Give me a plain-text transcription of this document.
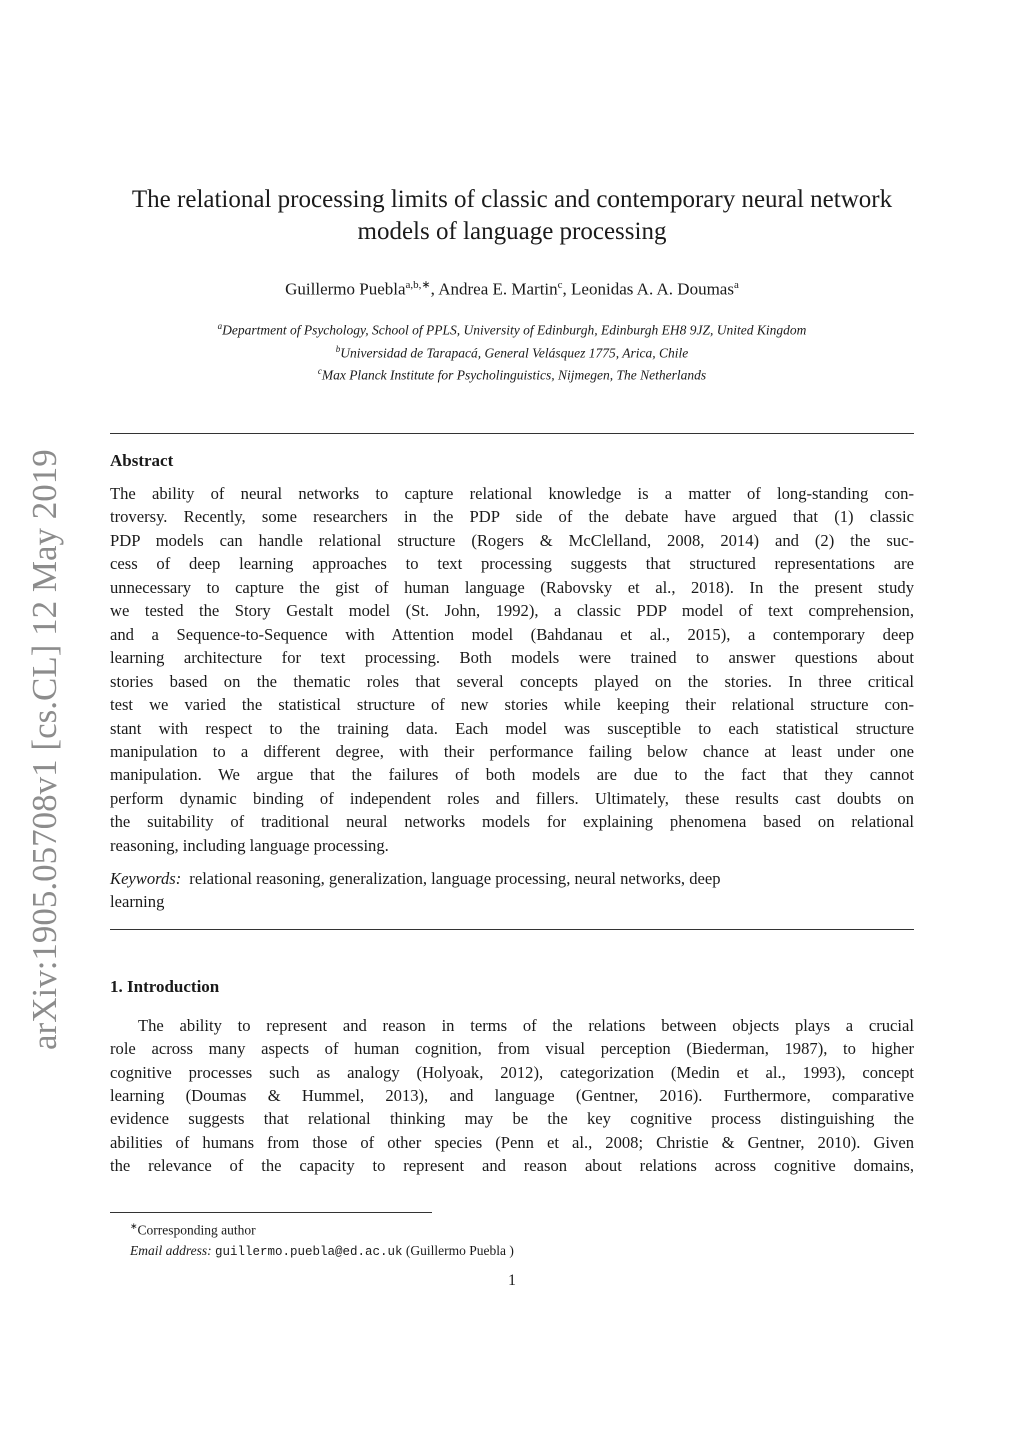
arXiv:1905.05708v1 [cs.CL] 12 May 2019
The relational processing limits of classic and contemporary neural network
models of language processing
Guillermo Puebla$^{a,b,∗}$, Andrea E. Martin$^c$, Leonidas A. A. Doumas$^a$
$^a$Department of Psychology, School of PPLS, University of Edinburgh, Edinburgh EH8 9JZ, United Kingdom
$^b$Universidad de Tarapacá, General Velásquez 1775, Arica, Chile
$^c$Max Planck Institute for Psycholinguistics, Nijmegen, The Netherlands
Abstract
The ability of neural networks to capture relational knowledge is a matter of long-standing con-
troversy. Recently, some researchers in the PDP side of the debate have argued that (1) classic
PDP models can handle relational structure (Rogers & McClelland, 2008, 2014) and (2) the suc-
cess of deep learning approaches to text processing suggests that structured representations are
unnecessary to capture the gist of human language (Rabovsky et al., 2018). In the present study
we tested the Story Gestalt model (St. John, 1992), a classic PDP model of text comprehension,
and a Sequence-to-Sequence with Attention model (Bahdanau et al., 2015), a contemporary deep
learning architecture for text processing. Both models were trained to answer questions about
stories based on the thematic roles that several concepts played on the stories. In three critical
test we varied the statistical structure of new stories while keeping their relational structure con-
stant with respect to the training data. Each model was susceptible to each statistical structure
manipulation to a different degree, with their performance failing below chance at least under one
manipulation. We argue that the failures of both models are due to the fact that they cannot
perform dynamic binding of independent roles and fillers. Ultimately, these results cast doubts on
the suitability of traditional neural networks models for explaining phenomena based on relational
reasoning, including language processing.
Keywords: relational reasoning, generalization, language processing, neural networks, deep
learning
1. Introduction
The ability to represent and reason in terms of the relations between objects plays a crucial
role across many aspects of human cognition, from visual perception (Biederman, 1987), to higher
cognitive processes such as analogy (Holyoak, 2012), categorization (Medin et al., 1993), concept
learning (Doumas & Hummel, 2013), and language (Gentner, 2016). Furthermore, comparative
evidence suggests that relational thinking may be the key cognitive process distinguishing the
abilities of humans from those of other species (Penn et al., 2008; Christie & Gentner, 2010). Given
the relevance of the capacity to represent and reason about relations across cognitive domains,
∗Corresponding author
Email address: guillermo.puebla@ed.ac.uk (Guillermo Puebla )
1
